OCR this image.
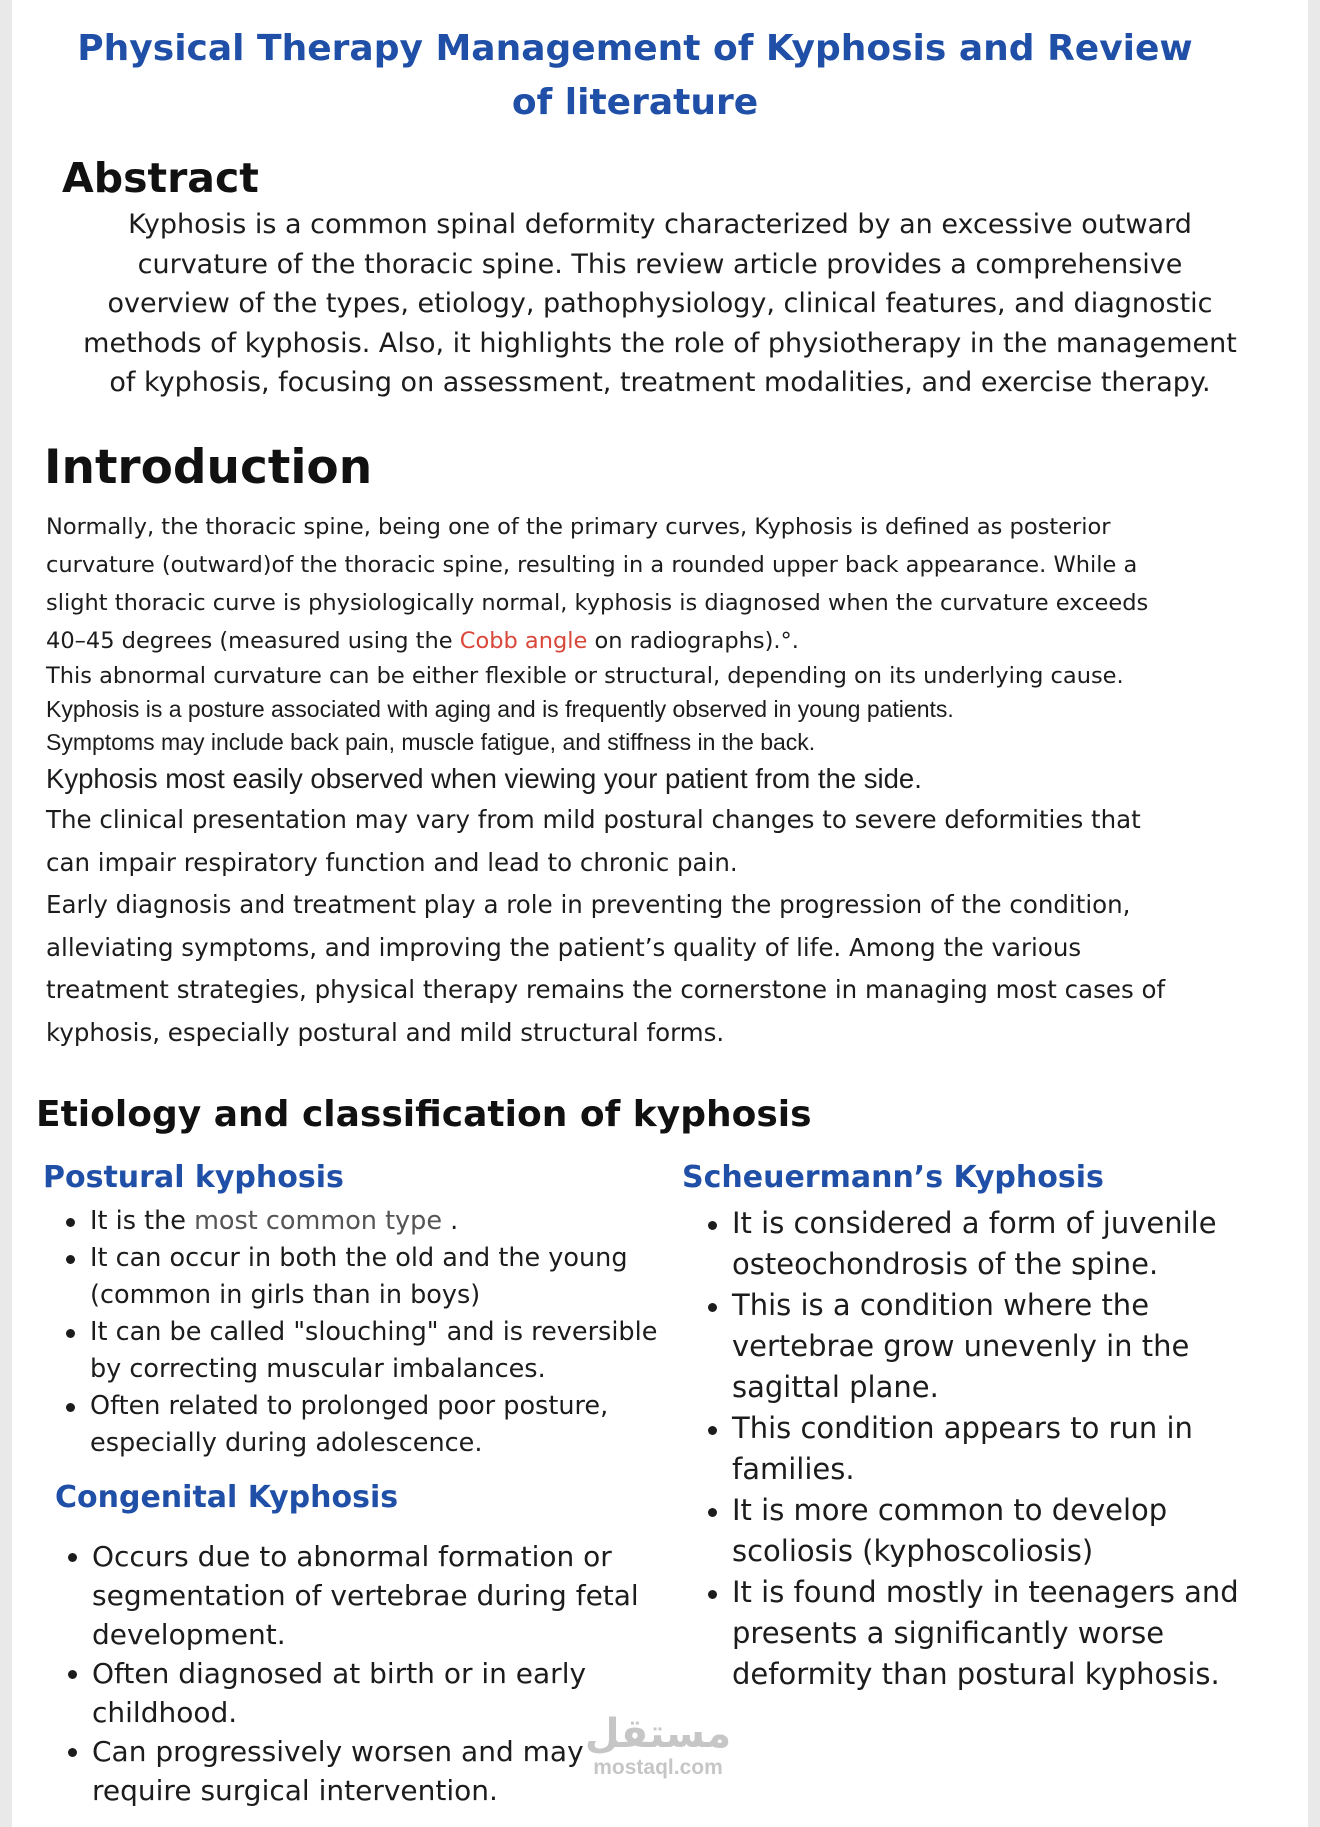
Physical Therapy Management of Kyphosis and Review of literature
Abstract
Kyphosis is a common spinal deformity characterized by an excessive outward
curvature of the thoracic spine. This review article provides a comprehensive
overview of the types, etiology, pathophysiology, clinical features, and diagnostic
methods of kyphosis. Also, it highlights the role of physiotherapy in the management
of kyphosis, focusing on assessment, treatment modalities, and exercise therapy.
Introduction
Normally, the thoracic spine, being one of the primary curves, Kyphosis is defined as posterior
curvature (outward)of the thoracic spine, resulting in a rounded upper back appearance. While a
slight thoracic curve is physiologically normal, kyphosis is diagnosed when the curvature exceeds
40–45 degrees (measured using the Cobb angle on radiographs).°.
This abnormal curvature can be either flexible or structural, depending on its underlying cause.
Kyphosis is a posture associated with aging and is frequently observed in young patients.
Symptoms may include back pain, muscle fatigue, and stiffness in the back.
Kyphosis most easily observed when viewing your patient from the side.
The clinical presentation may vary from mild postural changes to severe deformities that
can impair respiratory function and lead to chronic pain.
Early diagnosis and treatment play a role in preventing the progression of the condition,
alleviating symptoms, and improving the patient’s quality of life. Among the various
treatment strategies, physical therapy remains the cornerstone in managing most cases of
kyphosis, especially postural and mild structural forms.
Etiology and classification of kyphosis
Postural kyphosis
It is the most common type .
It can occur in both the old and the young (common in girls than in boys)
It can be called "slouching" and is reversible by correcting muscular imbalances.
Often related to prolonged poor posture, especially during adolescence.
Congenital Kyphosis
Occurs due to abnormal formation or segmentation of vertebrae during fetal development.
Often diagnosed at birth or in early childhood.
Can progressively worsen and may require surgical intervention.
Scheuermann’s Kyphosis
It is considered a form of juvenile osteochondrosis of the spine.
This is a condition where the vertebrae grow unevenly in the sagittal plane.
This condition appears to run in families.
It is more common to develop scoliosis (kyphoscoliosis)
It is found mostly in teenagers and presents a significantly worse deformity than postural kyphosis.
مستقل
mostaql.com
